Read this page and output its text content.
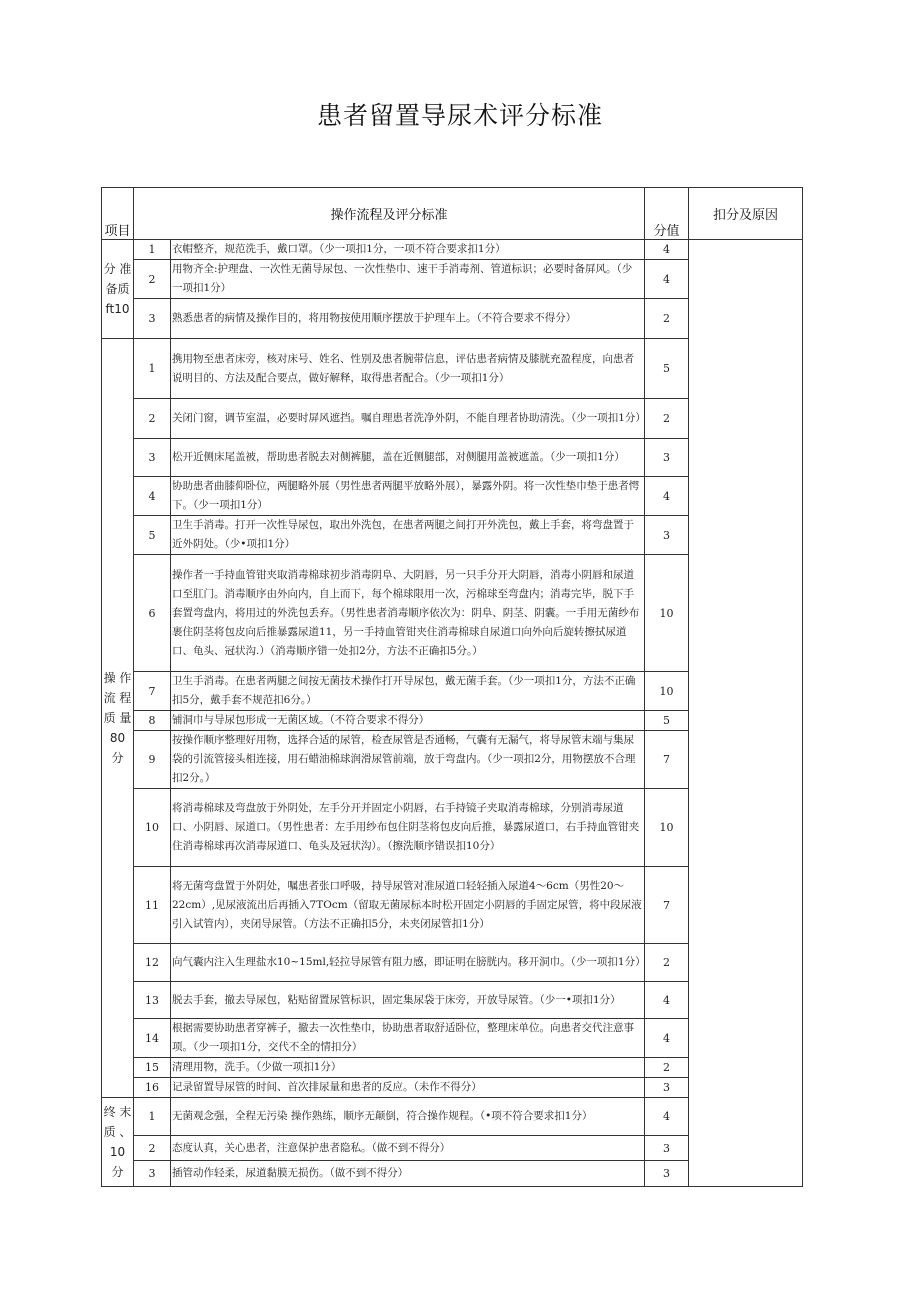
患者留置导尿术评分标准
项目	操作流程及评分标准		分值	扣分及原因	
分 准备质 ft10	1	衣帽整齐，规范洗手，戴口罩。（少一项扣1分，一项不符合要求扣1分）	4		
	2	用物齐全:护理盘、一次性无菌导尿包、一次性垫巾、速干手消毒剂、管道标识；必要时备屏风。（少一项扣1分）	4		
	3	熟悉患者的病情及操作目的，将用物按使用顺序摆放于护理车上。（不符合要求不得分）	2		
操 作 流 程 质 量 80 分	1	携用物至患者床旁，核对床号、姓名、性别及患者腕带信息，评估患者病情及膝胱充盈程度，向患者说明目的、方法及配合要点，做好解释，取得患者配合。（少一项扣1分）	5		
	2	关闭门窗，调节室温，必要时屏风遮挡。嘱自理患者洗净外阴，不能自理者协助清洗。（少一项扣1分）	2		
	3	松开近侧床尾盖被，帮助患者脱去对侧裤腿，盖在近侧腿部，对侧腿用盖被遮盖。（少一项扣1分）	3		
	4	协助患者曲膝仰卧位，两腿略外展（男性患者两腿平放略外展），暴露外阴。将一次性垫巾垫于患者愕下。（少一项扣1分）	4		
	5	卫生手消毒。打开一次性导尿包，取出外洗包，在患者两腿之间打开外洗包，戴上手套，将弯盘置于近外阴处。（少•项扣1分）	3		
	6	操作者一手持血管钳夹取消毒棉球初步消毒阴阜、大阴唇，另一只手分开大阴唇，消毒小阴唇和尿道口至肛门。消毒顺序由外向内，自上而下，每个棉球限用一次，污棉球至弯盘内；消毒完毕，脱下手套置弯盘内，将用过的外洗包丢弃。（男性患者消毒顺序依次为：阴阜、阴茎、阴囊。一手用无菌纱布裹住阴茎将包皮向后推暴露尿道11，另一手持血管钳夹住消毒棉球自尿道口向外向后旋转擦拭尿道口、龟头、冠状沟.）（消毒顺序错一处扣2分，方法不正确扣5分。）	10		
	7	卫生手消毒。在患者两腿之间按无菌技术操作打开导尿包，戴无菌手套。（少一项扣1分，方法不正确扣5分，戴手套不规范扣6分。）	10		
	8	铺洞巾与导尿包形成一无菌区域。（不符合要求不得分）	5		
	9	按操作顺序整理好用物，选择合适的尿管，检查尿管是否通畅，气囊有无漏气，将导尿管末端与集尿袋的引流管接头相连接，用石蜡油棉球润滑尿管前端，放于弯盘内。（少一项扣2分，用物摆放不合理扣2分。）	7		
	10	将消毒棉球及弯盘放于外阴处，左手分开并固定小阴唇，右手持镜子夹取消毒棉球，分别消毒尿道口、小阴唇、尿道口。（男性患者：左手用纱布包住阴茎将包皮向后推，暴露尿道口，右手持血管钳夹住消毒棉球再次消毒尿道口、龟头及冠状沟）。（擦洗顺序错误扣10分）	10		
	11	将无菌弯盘置于外阴处，嘱患者张口呼吸，持导尿管对准尿道口轻轻插入尿道4～6cm（男性20～22cm）,见尿液流出后再插入7TOcm（留取无菌尿标本时松开固定小阴唇的手固定尿管，将中段尿液引入试管内），夹闭导尿管。（方法不正确扣5分，未夹闭尿管扣1分）	7		
	12	向气囊内注入生理盐水10~15ml,轻拉导尿管有阻力感，即证明在膀胱内。移开洞巾。（少一项扣1分）	2		
	13	脱去手套，撤去导尿包，粘贴留置尿管标识，固定集尿袋于床旁，开放导尿管。（少一•项扣1分）	4		
	14	根据需要协助患者穿裤子，撤去一次性垫巾，协助患者取舒适卧位，整理床单位。向患者交代注意事项。（少一项扣1分，交代不全的情扣分）	4		
	15	清理用物，洗手。（少做一项扣1分）	2		
	16	记录留置导尿管的时间、首次排尿量和患者的反应。（未作不得分）	3		
终 末 质 、10 分	1	无菌观念强，全程无污染 操作熟练，顺序无颠倒，符合操作规程。（•项不符合要求扣1分）	4		
	2	态度认真，关心患者，注意保护患者隐私。（做不到不得分）	3		
	3	插管动作轻柔，尿道黏膜无损伤。（做不到不得分）	3		
